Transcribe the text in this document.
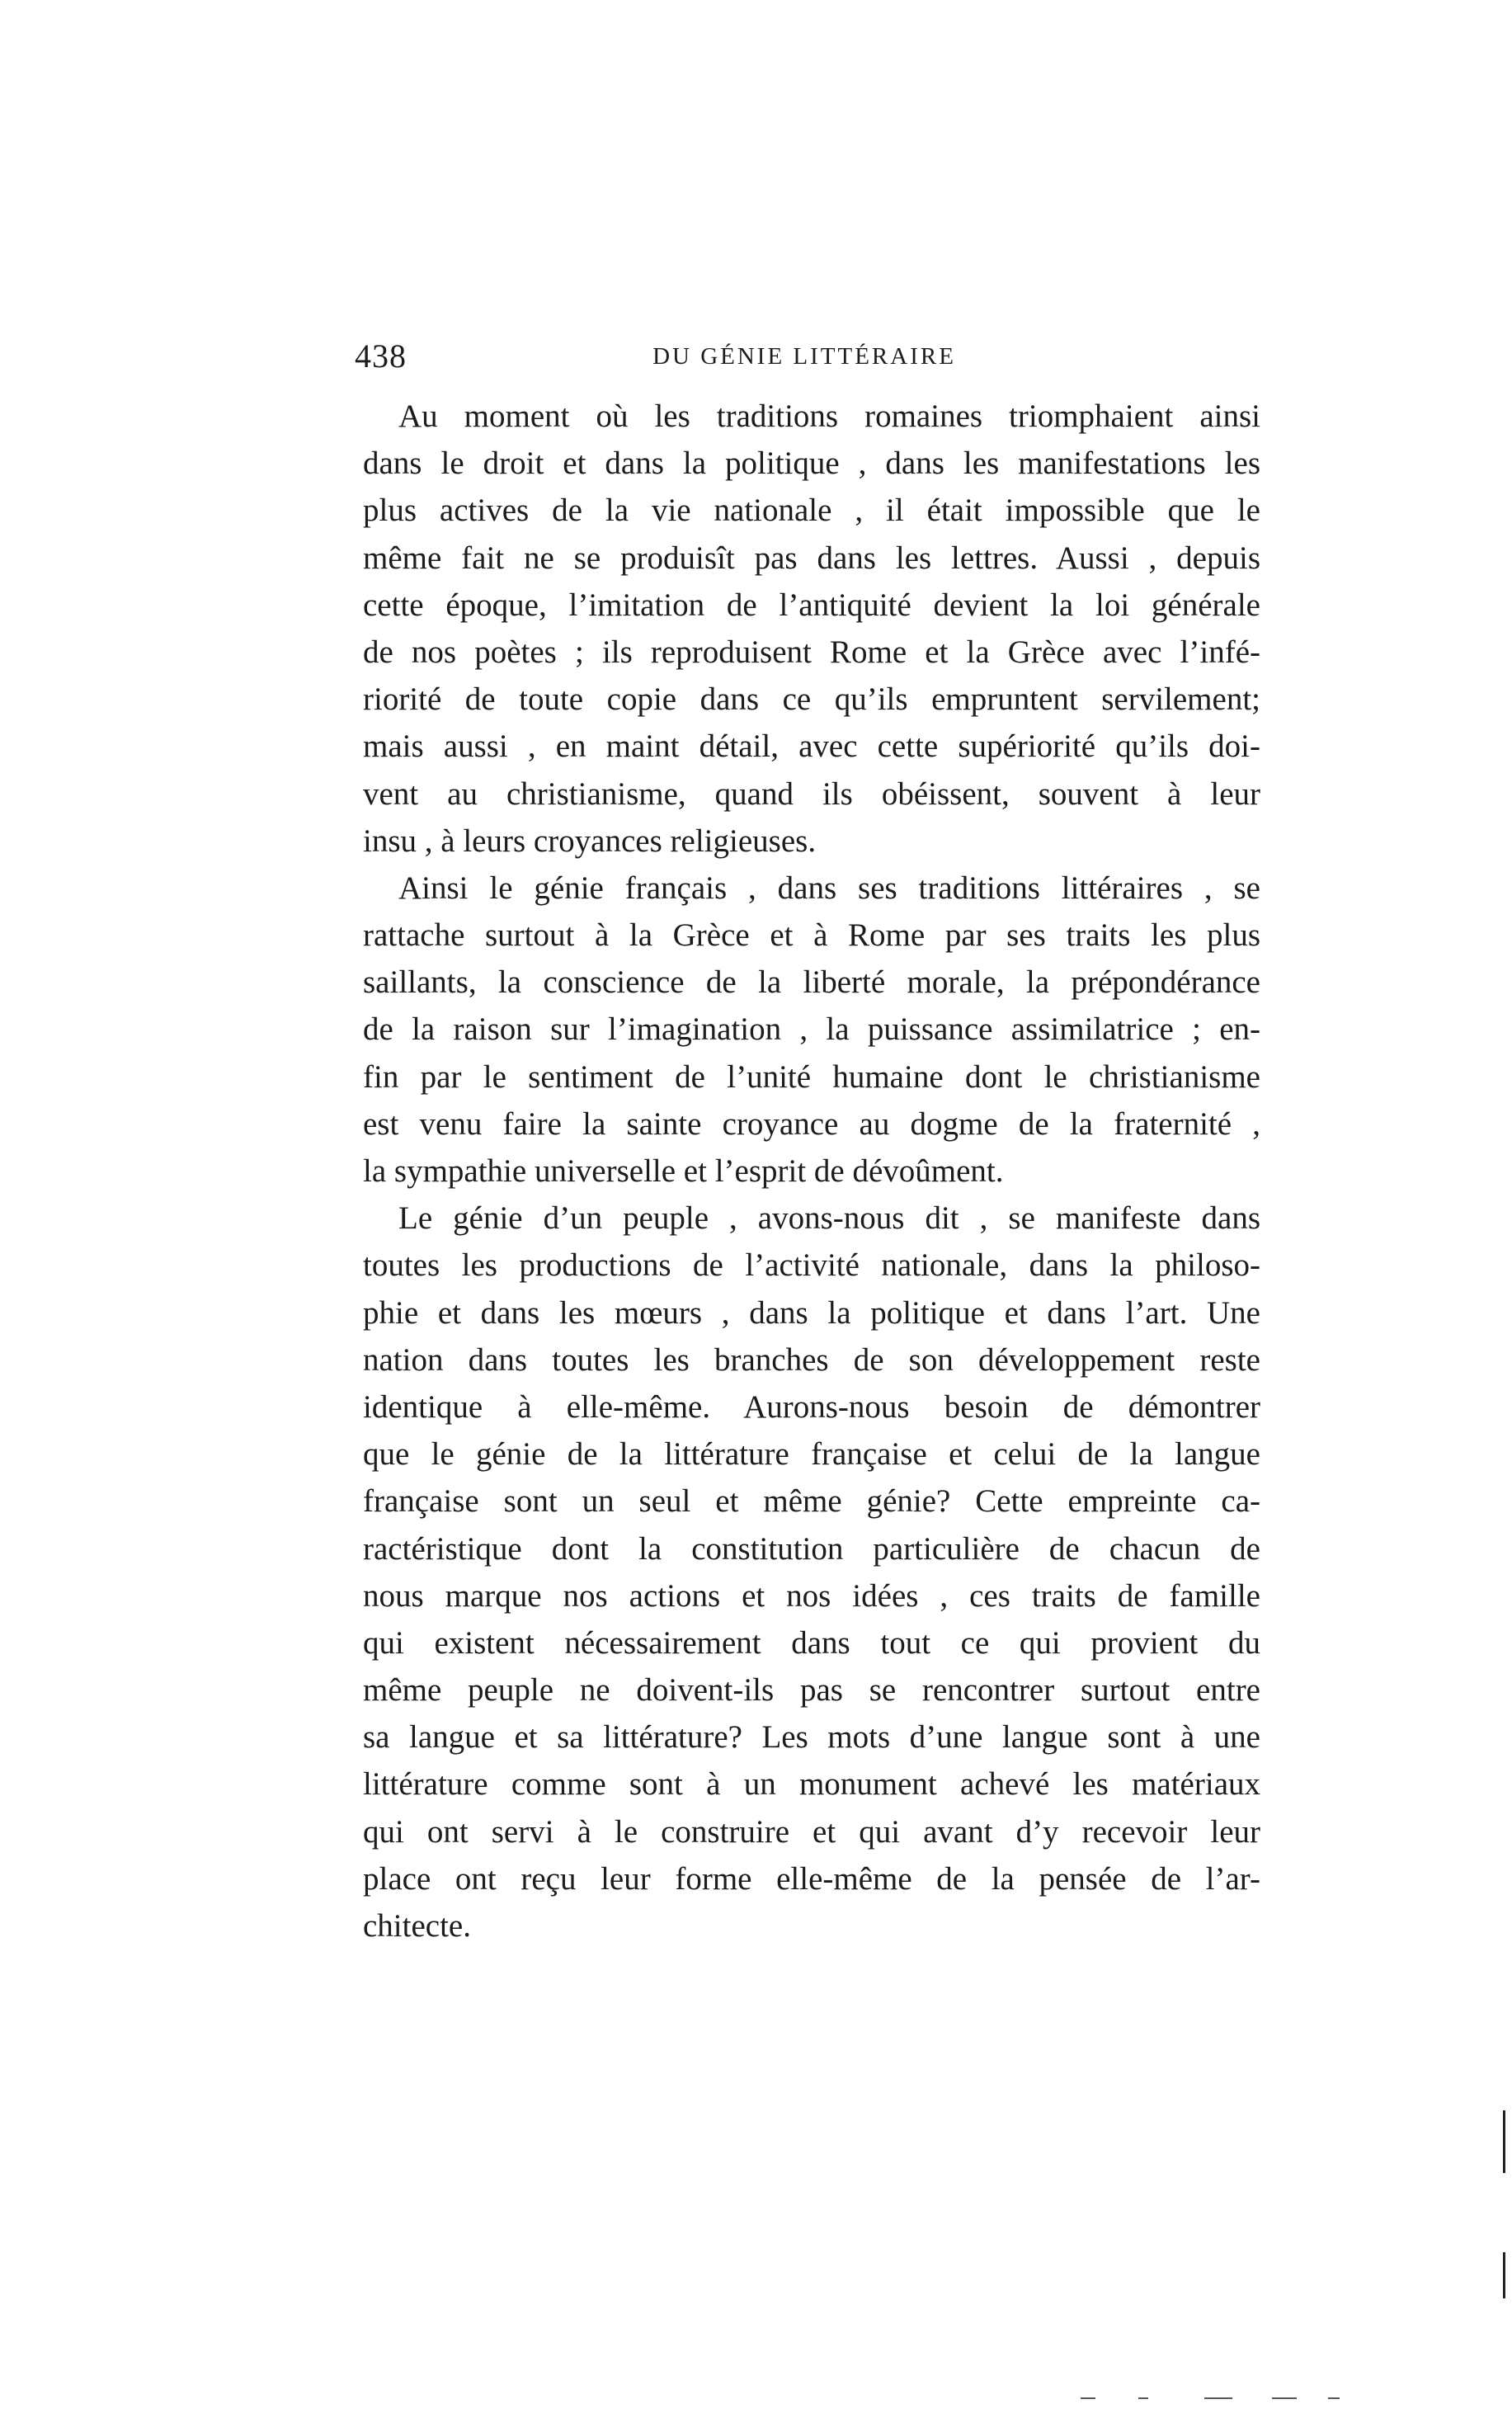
438	DU GÉNIE LITTÉRAIRE
Au moment où les traditions romaines triomphaient ainsi
dans le droit et dans la politique , dans les manifestations les
plus actives de la vie nationale , il était impossible que le
même fait ne se produisît pas dans les lettres. Aussi , depuis
cette époque, l’imitation de l’antiquité devient la loi générale
de nos poètes ; ils reproduisent Rome et la Grèce avec l’infé-
riorité de toute copie dans ce qu’ils empruntent servilement;
mais aussi , en maint détail, avec cette supériorité qu’ils doi-
vent au christianisme, quand ils obéissent, souvent à leur
insu , à leurs croyances religieuses.
Ainsi le génie français , dans ses traditions littéraires , se
rattache surtout à la Grèce et à Rome par ses traits les plus
saillants, la conscience de la liberté morale, la prépondérance
de la raison sur l’imagination , la puissance assimilatrice ; en-
fin par le sentiment de l’unité humaine dont le christianisme
est venu faire la sainte croyance au dogme de la fraternité ,
la sympathie universelle et l’esprit de dévoûment.
Le génie d’un peuple , avons-nous dit , se manifeste dans
toutes les productions de l’activité nationale, dans la philoso-
phie et dans les mœurs , dans la politique et dans l’art. Une
nation dans toutes les branches de son développement reste
identique à elle-même. Aurons-nous besoin de démontrer
que le génie de la littérature française et celui de la langue
française sont un seul et même génie? Cette empreinte ca-
ractéristique dont la constitution particulière de chacun de
nous marque nos actions et nos idées , ces traits de famille
qui existent nécessairement dans tout ce qui provient du
même peuple ne doivent-ils pas se rencontrer surtout entre
sa langue et sa littérature? Les mots d’une langue sont à une
littérature comme sont à un monument achevé les matériaux
qui ont servi à le construire et qui avant d’y recevoir leur
place ont reçu leur forme elle-même de la pensée de l’ar-
chitecte.
